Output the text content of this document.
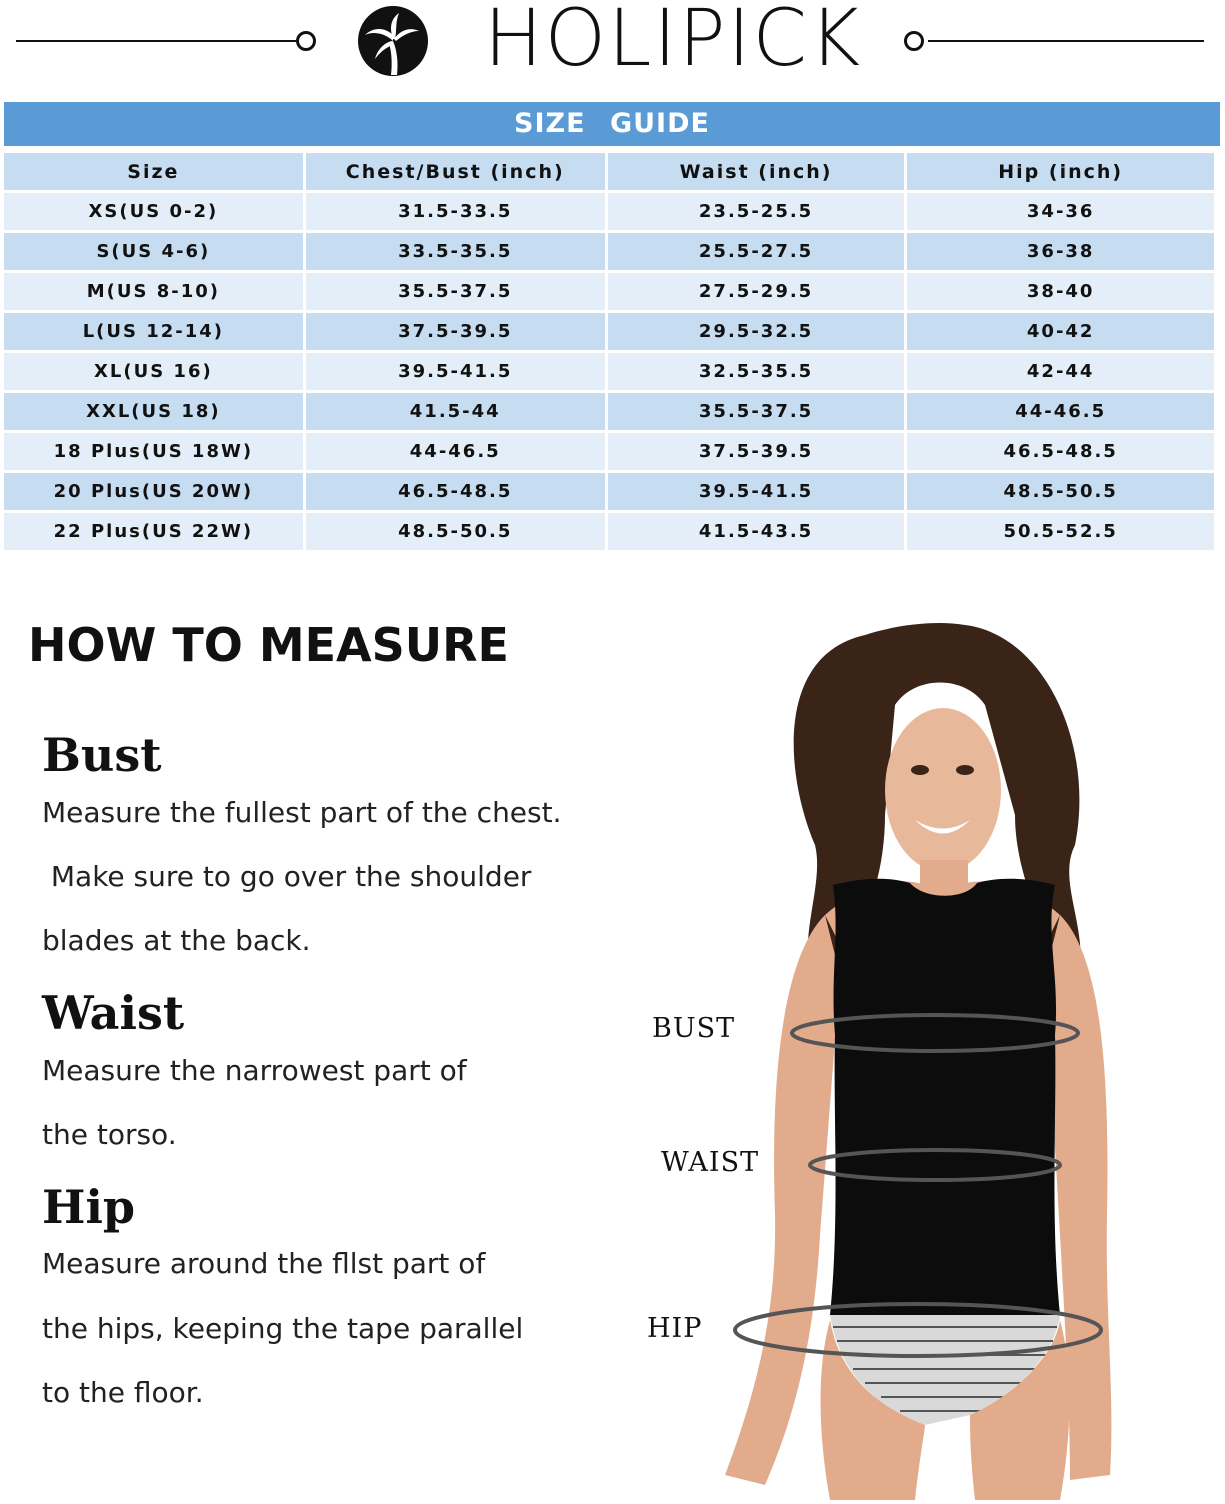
HOLIPICK
SIZE GUIDE
Size	Chest/Bust (inch)	Waist (inch)	Hip (inch)
XS(US 0-2)	31.5-33.5	23.5-25.5	34-36
S(US 4-6)	33.5-35.5	25.5-27.5	36-38
M(US 8-10)	35.5-37.5	27.5-29.5	38-40
L(US 12-14)	37.5-39.5	29.5-32.5	40-42
XL(US 16)	39.5-41.5	32.5-35.5	42-44
XXL(US 18)	41.5-44	35.5-37.5	44-46.5
18 Plus(US 18W)	44-46.5	37.5-39.5	46.5-48.5
20 Plus(US 20W)	46.5-48.5	39.5-41.5	48.5-50.5
22 Plus(US 22W)	48.5-50.5	41.5-43.5	50.5-52.5
HOW TO MEASURE
Bust
Measure the fullest part of the chest.
Make sure to go over the shoulder
blades at the back.
Waist
Measure the narrowest part of
the torso.
Hip
Measure around the fllst part of
the hips, keeping the tape parallel
to the floor.
BUST
WAIST
HIP
